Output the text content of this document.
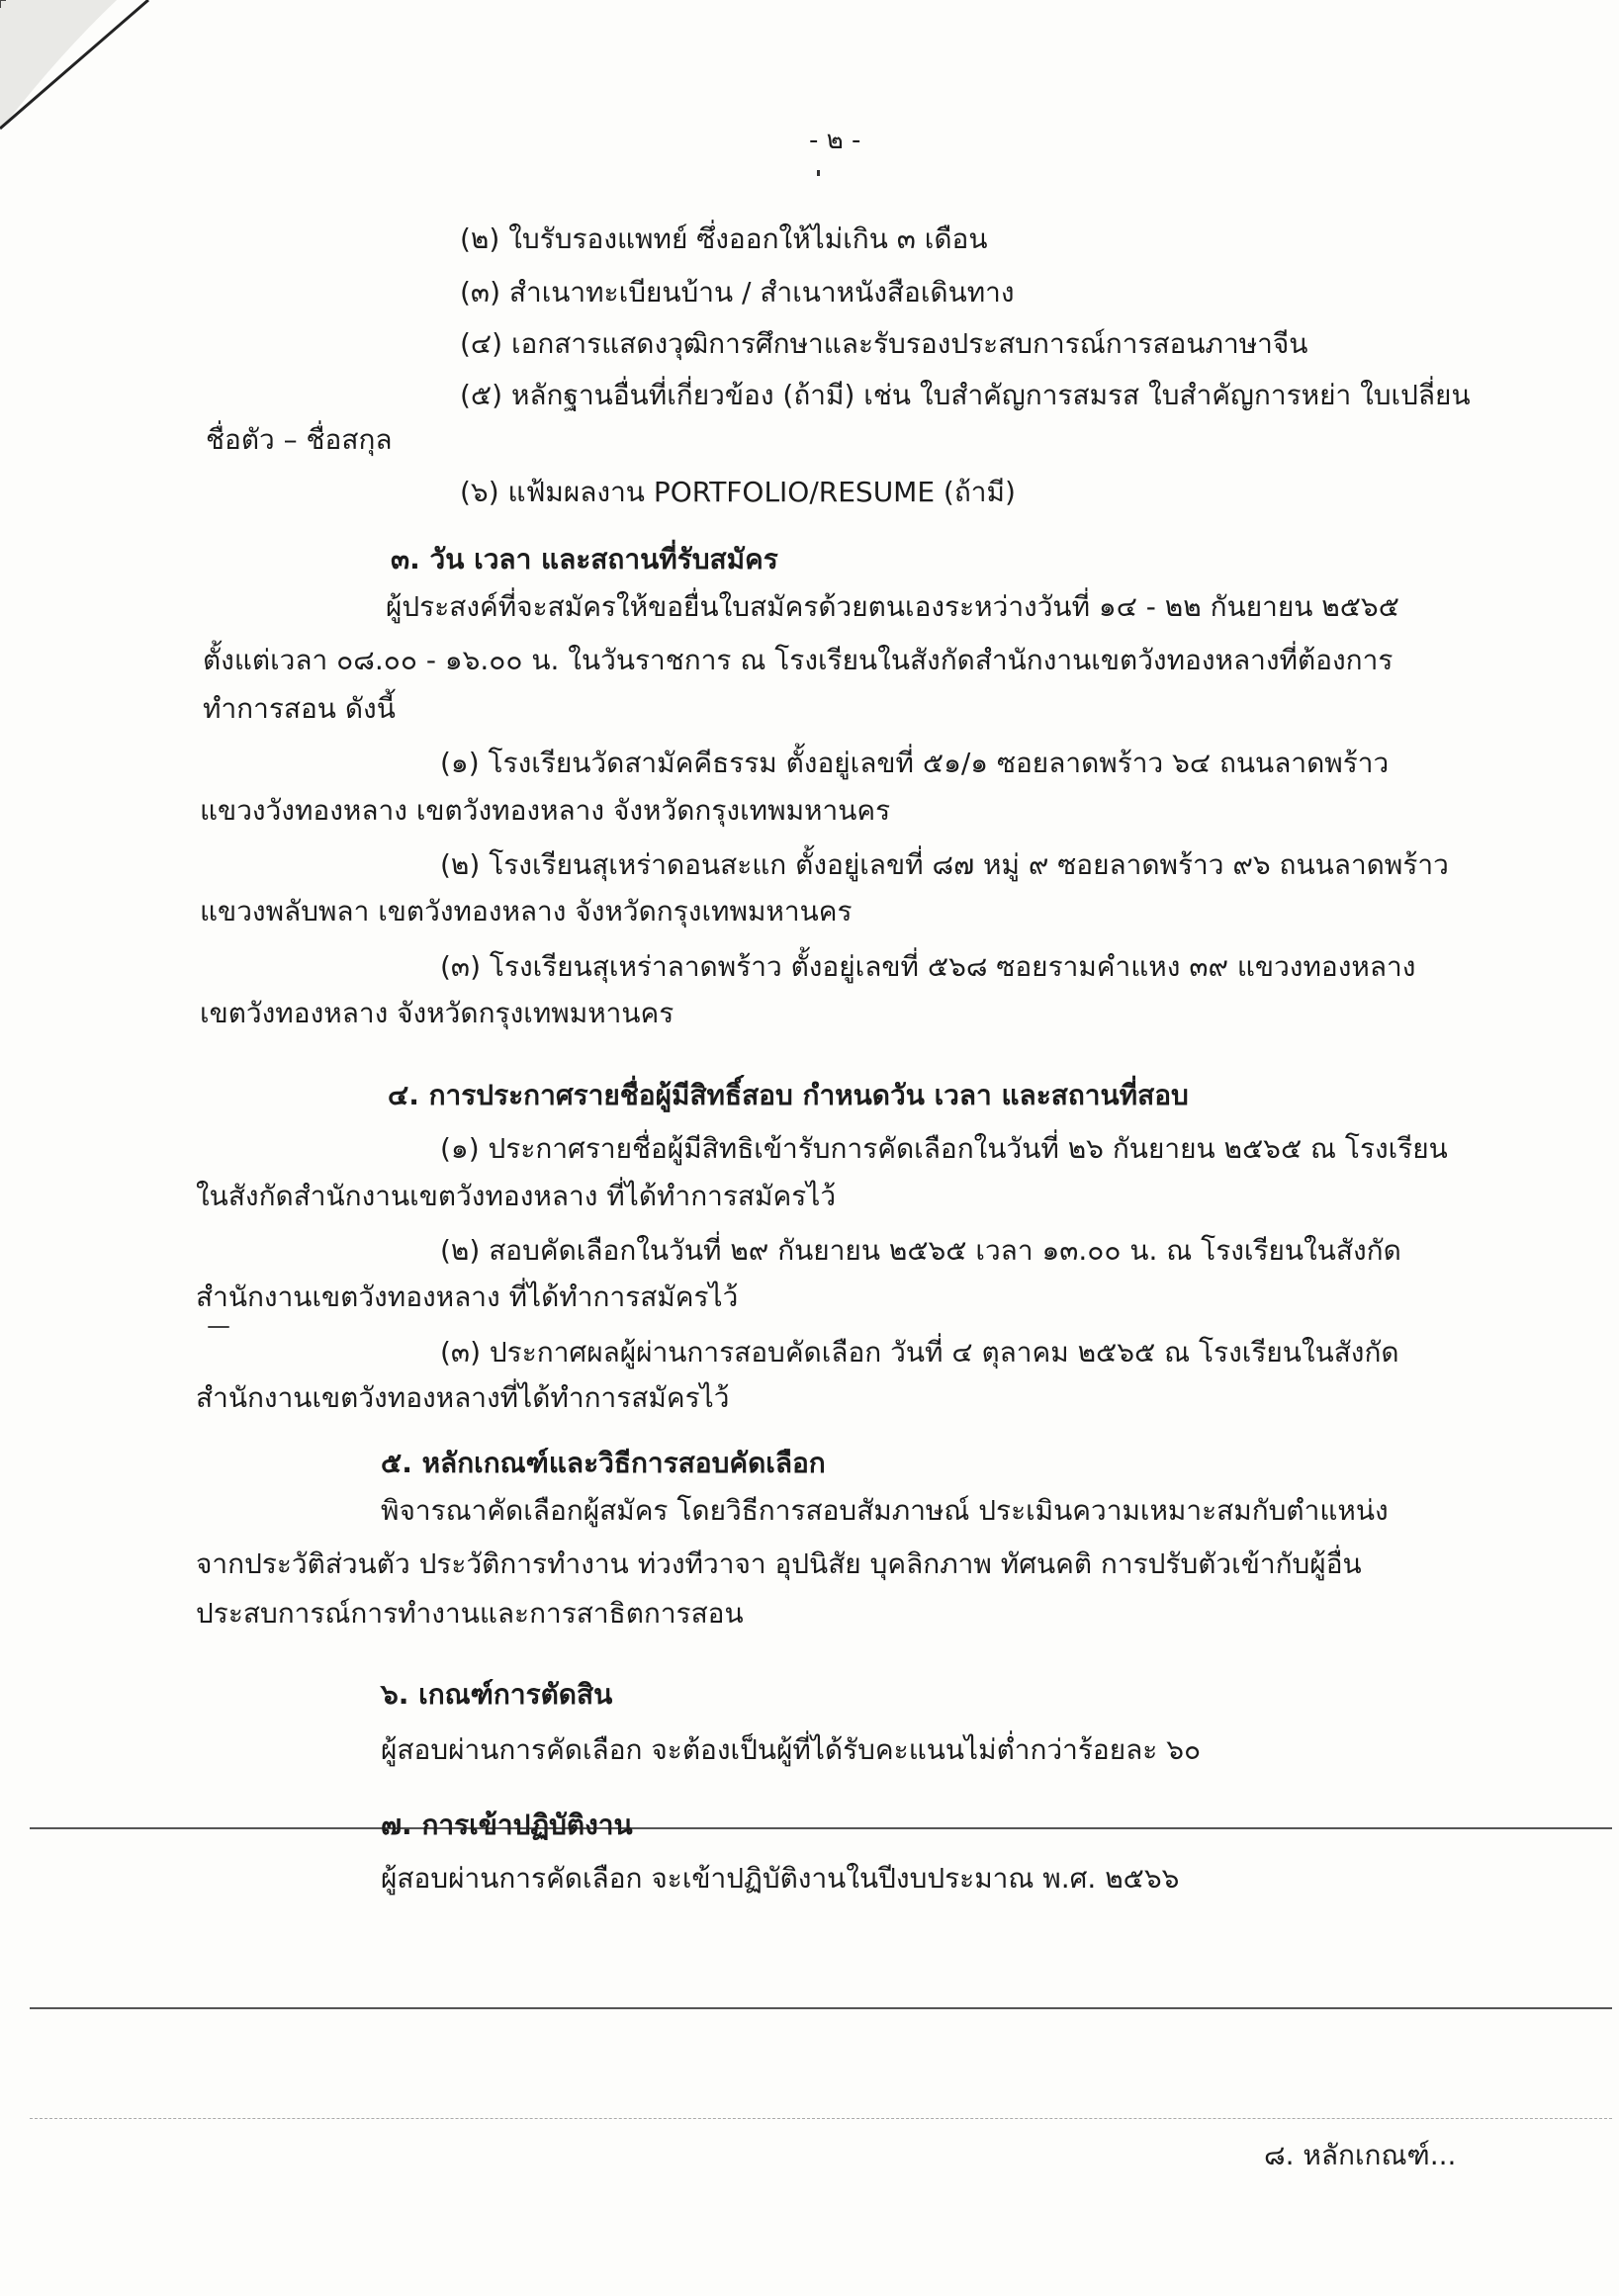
- ๒ -
(๒) ใบรับรองแพทย์ ซึ่งออกให้ไม่เกิน ๓ เดือน
(๓) สำเนาทะเบียนบ้าน / สำเนาหนังสือเดินทาง
(๔) เอกสารแสดงวุฒิการศึกษาและรับรองประสบการณ์การสอนภาษาจีน
(๕) หลักฐานอื่นที่เกี่ยวข้อง (ถ้ามี) เช่น ใบสำคัญการสมรส ใบสำคัญการหย่า ใบเปลี่ยน
ชื่อตัว – ชื่อสกุล
(๖) แฟ้มผลงาน PORTFOLIO/RESUME (ถ้ามี)
๓. วัน เวลา และสถานที่รับสมัคร
ผู้ประสงค์ที่จะสมัครให้ขอยื่นใบสมัครด้วยตนเองระหว่างวันที่ ๑๔ - ๒๒ กันยายน ๒๕๖๕
ตั้งแต่เวลา ๐๘.๐๐ - ๑๖.๐๐ น. ในวันราชการ ณ โรงเรียนในสังกัดสำนักงานเขตวังทองหลางที่ต้องการ
ทำการสอน ดังนี้
(๑) โรงเรียนวัดสามัคคีธรรม ตั้งอยู่เลขที่ ๕๑/๑ ซอยลาดพร้าว ๖๔ ถนนลาดพร้าว
แขวงวังทองหลาง เขตวังทองหลาง จังหวัดกรุงเทพมหานคร
(๒) โรงเรียนสุเหร่าดอนสะแก ตั้งอยู่เลขที่ ๘๗ หมู่ ๙ ซอยลาดพร้าว ๙๖ ถนนลาดพร้าว
แขวงพลับพลา เขตวังทองหลาง จังหวัดกรุงเทพมหานคร
(๓) โรงเรียนสุเหร่าลาดพร้าว ตั้งอยู่เลขที่ ๕๖๘ ซอยรามคำแหง ๓๙ แขวงทองหลาง
เขตวังทองหลาง จังหวัดกรุงเทพมหานคร
๔. การประกาศรายชื่อผู้มีสิทธิ์สอบ กำหนดวัน เวลา และสถานที่สอบ
(๑) ประกาศรายชื่อผู้มีสิทธิเข้ารับการคัดเลือกในวันที่ ๒๖ กันยายน ๒๕๖๕ ณ โรงเรียน
ในสังกัดสำนักงานเขตวังทองหลาง ที่ได้ทำการสมัครไว้
(๒) สอบคัดเลือกในวันที่ ๒๙ กันยายน ๒๕๖๕ เวลา ๑๓.๐๐ น. ณ โรงเรียนในสังกัด
สำนักงานเขตวังทองหลาง ที่ได้ทำการสมัครไว้
(๓) ประกาศผลผู้ผ่านการสอบคัดเลือก วันที่ ๔ ตุลาคม ๒๕๖๕ ณ โรงเรียนในสังกัด
สำนักงานเขตวังทองหลางที่ได้ทำการสมัครไว้
๕. หลักเกณฑ์และวิธีการสอบคัดเลือก
พิจารณาคัดเลือกผู้สมัคร โดยวิธีการสอบสัมภาษณ์ ประเมินความเหมาะสมกับตำแหน่ง
จากประวัติส่วนตัว ประวัติการทำงาน ท่วงทีวาจา อุปนิสัย บุคลิกภาพ ทัศนคติ การปรับตัวเข้ากับผู้อื่น
ประสบการณ์การทำงานและการสาธิตการสอน
๖. เกณฑ์การตัดสิน
ผู้สอบผ่านการคัดเลือก จะต้องเป็นผู้ที่ได้รับคะแนนไม่ต่ำกว่าร้อยละ ๖๐
๗. การเข้าปฏิบัติงาน
ผู้สอบผ่านการคัดเลือก จะเข้าปฏิบัติงานในปีงบประมาณ พ.ศ. ๒๕๖๖
๘. หลักเกณฑ์...
